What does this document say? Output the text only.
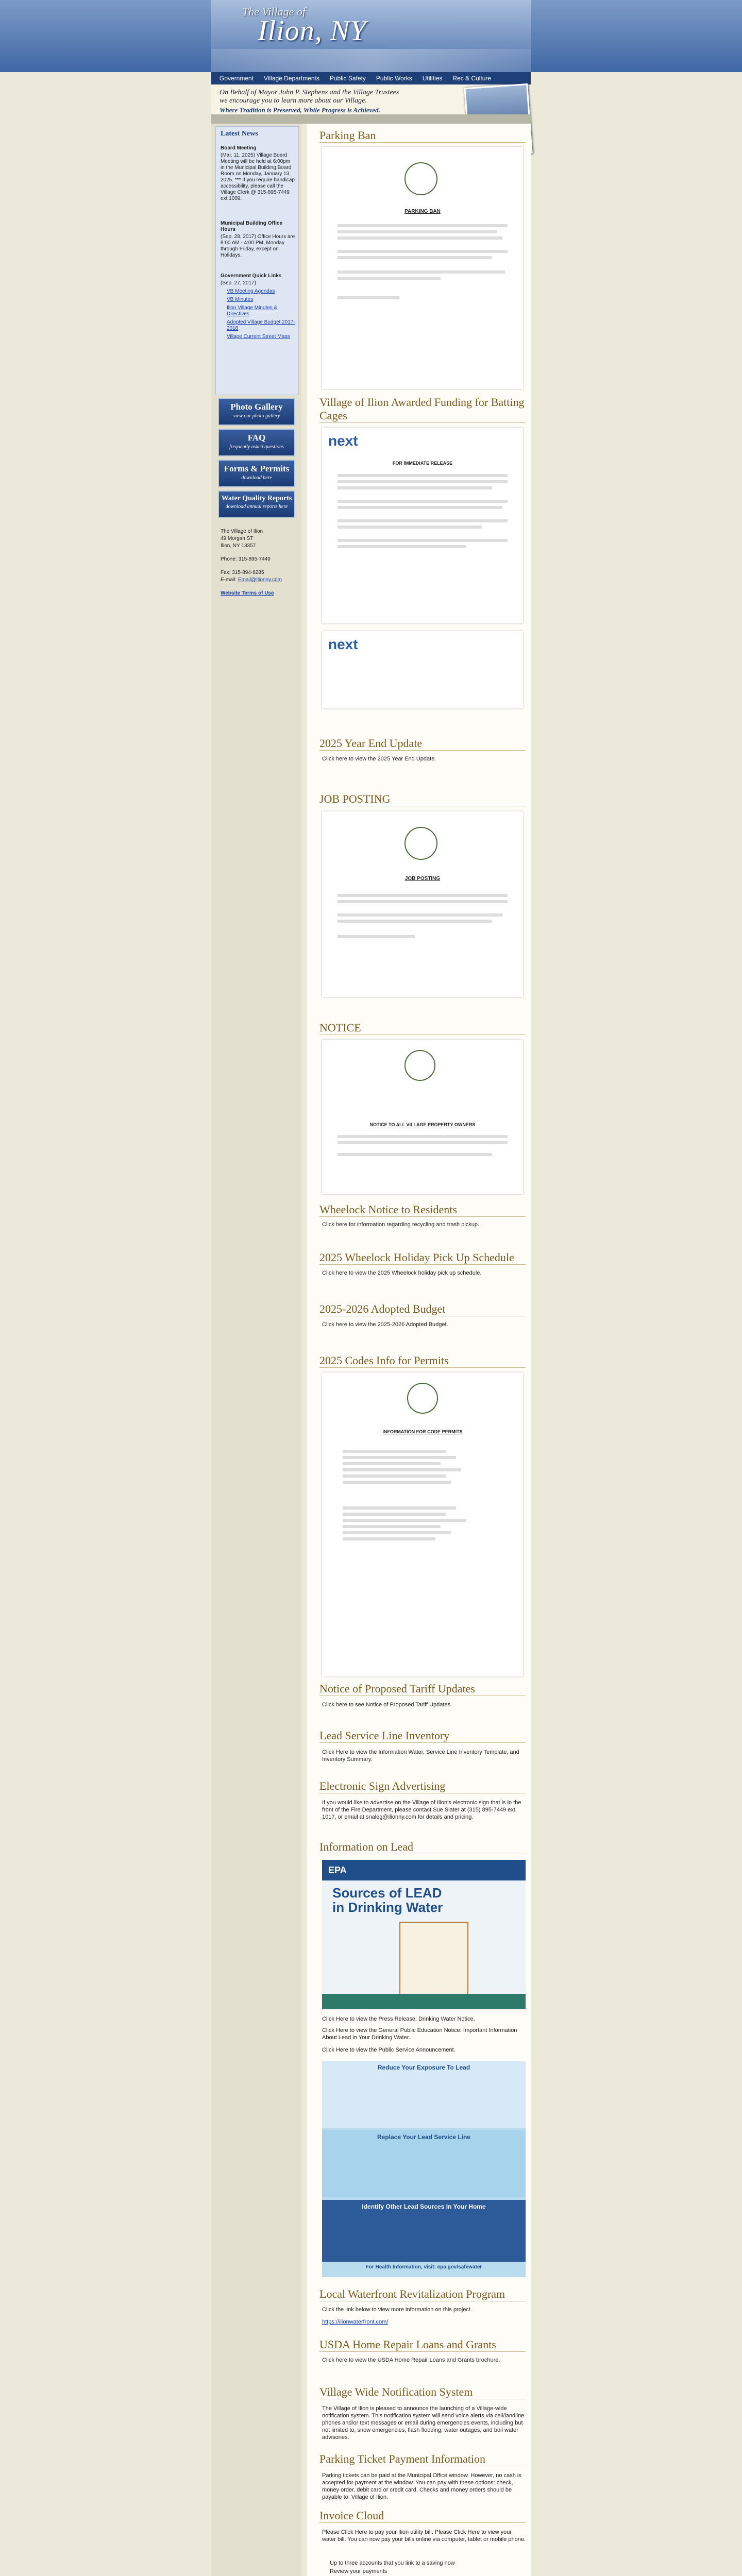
The Village of
Ilion, NY
Government Village Departments Public Safety Public Works Utilities Rec & Culture
On Behalf of Mayor John P. Stephens and the Village Trustees
we encourage you to learn more about our Village.
Where Tradition is Preserved, While Progress is Achieved.
Latest News
Board Meeting
(Mar. 11, 2025) Village Board Meeting will be held at 6:00pm in the Municipal Building Board Room on Monday, January 13, 2025. *** If you require handicap accessibility, please call the Village Clerk @ 315-895-7449 ext 1009.
Municipal Building Office Hours
(Sep. 28, 2017) Office Hours are 8:00 AM - 4:00 PM, Monday through Friday, except on Holidays.
Government Quick Links
(Sep. 27, 2017)
VB Meeting Agendas
VB Minutes
Ilion Village Minutes & Directives
Adopted Village Budget 2017-2018
Village Current Street Maps
Photo Gallery
view our photo gallery
FAQ
frequently asked questions
Forms & Permits
download here
Water Quality Reports
download annual reports here
The Village of Ilion
49 Morgan ST
Ilion, NY 13357
Phone: 315-895-7449
Fax: 315-894-8285
E-mail: Email@Ilionny.com
Website Terms of Use
Parking Ban
PARKING BAN
Village of Ilion Awarded Funding for Batting Cages
next
FOR IMMEDIATE RELEASE
next
2025 Year End Update
Click here to view the 2025 Year End Update.
JOB POSTING
JOB POSTING
NOTICE
NOTICE TO ALL VILLAGE PROPERTY OWNERS
Wheelock Notice to Residents
Click here for information regarding recycling and trash pickup.
2025 Wheelock Holiday Pick Up Schedule
Click here to view the 2025 Wheelock holiday pick up schedule.
2025-2026 Adopted Budget
Click here to view the 2025-2026 Adopted Budget.
2025 Codes Info for Permits
INFORMATION FOR CODE PERMITS
Notice of Proposed Tariff Updates
Click here to see Notice of Proposed Tariff Updates.
Lead Service Line Inventory
Click Here to view the Information Water, Service Line Inventory Template, and Inventory Summary.
Electronic Sign Advertising
If you would like to advertise on the Village of Ilion's electronic sign that is in the front of the Fire Department, please contact Sue Slater at (315) 895-7449 ext. 1017, or email at snaleg@ilionny.com for details and pricing.
Information on Lead
EPA
Sources of LEAD in Drinking Water
Click Here to view the Press Release: Drinking Water Notice.
Click Here to view the General Public Education Notice: Important Information About Lead in Your Drinking Water.
Click Here to view the Public Service Announcement.
Reduce Your Exposure To Lead
Replace Your Lead Service Line
Identify Other Lead Sources In Your Home
For Health Information, visit: epa.gov/safewater
Local Waterfront Revitalization Program
Click the link below to view more information on this project.
https://ilionwaterfront.com/
USDA Home Repair Loans and Grants
Click here to view the USDA Home Repair Loans and Grants brochure.
Village Wide Notification System
The Village of Ilion is pleased to announce the launching of a Village-wide notification system. This notification system will send voice alerts via cell/landline phones and/or text messages or email during emergencies events, including but not limited to, snow emergencies, flash flooding, water outages, and boil water advisories.
Parking Ticket Payment Information
Parking tickets can be paid at the Municipal Office window. However, no cash is accepted for payment at the window. You can pay with these options: check, money order, debit card or credit card. Checks and money orders should be payable to: Village of Ilion.
Invoice Cloud
Please Click Here to pay your Ilion utility bill. Please Click Here to view your water bill. You can now pay your bills online via computer, tablet or mobile phone.
Up to three accounts that you link to a saving now
Review your payments
